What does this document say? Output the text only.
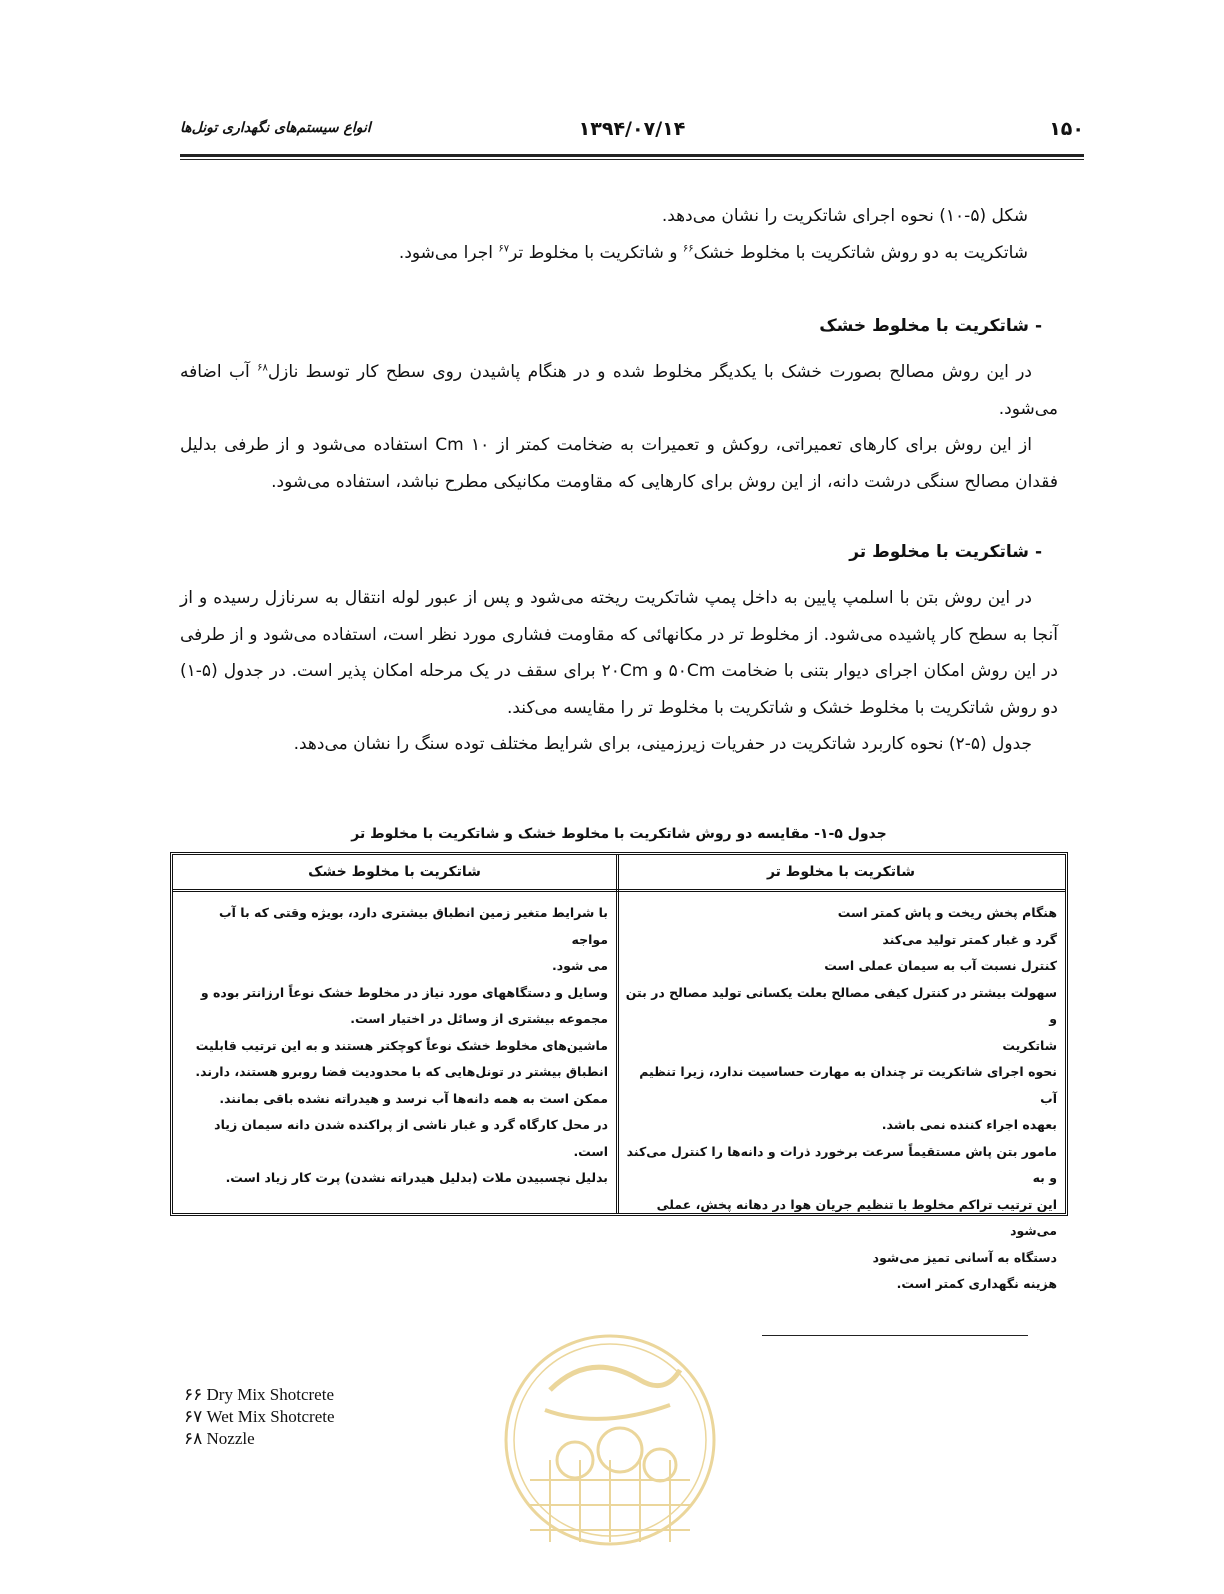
انواع سیستم‌های نگهداری تونل‌ها	۱۳۹۴/۰۷/۱۴	۱۵۰
شکل (۵-۱۰) نحوه اجرای شاتکریت را نشان می‌دهد.
شاتکریت به دو روش شاتکریت با مخلوط خشک$^{۶۶}$ و شاتکریت با مخلوط تر$^{۶۷}$ اجرا می‌شود.
- شاتکریت با مخلوط خشک

در این روش مصالح بصورت خشک با یکدیگر مخلوط شده و در هنگام پاشیدن روی سطح کار توسط نازل$^{۶۸}$ آب اضافه می‌شود.

از این روش برای کارهای تعمیراتی، روکش و تعمیرات به ضخامت کمتر از ۱۰ Cm استفاده می‌شود و از طرفی بدلیل فقدان مصالح سنگی درشت دانه، از این روش برای کارهایی که مقاومت مکانیکی مطرح نباشد، استفاده می‌شود.

- شاتکریت با مخلوط تر

در این روش بتن با اسلمپ پایین به داخل پمپ شاتکریت ریخته می‌شود و پس از عبور لوله انتقال به سرنازل رسیده و از آنجا به سطح کار پاشیده می‌شود. از مخلوط تر در مکانهائی که مقاومت فشاری مورد نظر است، استفاده می‌شود و از طرفی در این روش امکان اجرای دیوار بتنی با ضخامت ۵۰Cm و ۲۰Cm برای سقف در یک مرحله امکان پذیر است. در جدول (۵-۱) دو روش شاتکریت با مخلوط خشک و شاتکریت با مخلوط تر را مقایسه می‌کند.

جدول (۵-۲) نحوه کاربرد شاتکریت در حفریات زیرزمینی، برای شرایط مختلف توده سنگ را نشان می‌دهد.

جدول ۵-۱- مقایسه دو روش شاتکریت با مخلوط خشک و شاتکریت با مخلوط تر
شاتکریت با مخلوط تر
هنگام پخش ریخت و پاش کمتر است
گرد و غبار کمتر تولید می‌کند
کنترل نسبت آب به سیمان عملی است
سهولت بیشتر در کنترل کیفی مصالح بعلت یکسانی تولید مصالح در بتن و
شاتکریت
نحوه اجرای شاتکریت تر چندان به مهارت حساسیت ندارد، زیرا تنظیم آب
بعهده اجراء کننده نمی باشد.
مامور بتن پاش مستقیماً سرعت برخورد ذرات و دانه‌ها را کنترل می‌کند و به
این ترتیب تراکم مخلوط با تنظیم جریان هوا در دهانه پخش، عملی
می‌شود
دستگاه به آسانی تمیز می‌شود
هزینه نگهداری کمتر است.
شاتکریت با مخلوط خشک
با شرایط متغیر زمین انطباق بیشتری دارد، بویژه وقتی که با آب مواجه
می شود.
وسایل و دستگاههای مورد نیاز در مخلوط خشک نوعاً ارزانتر بوده و
مجموعه بیشتری از وسائل در اختیار است.
ماشین‌های مخلوط خشک نوعاً کوچکتر هستند و به این ترتیب قابلیت
انطباق بیشتر در تونل‌هایی که با محدودیت فضا روبرو هستند، دارند.
ممکن است به همه دانه‌ها آب نرسد و هیدراته نشده باقی بمانند.
در محل کارگاه گرد و غبار ناشی از پراکنده شدن دانه سیمان زیاد است.
بدلیل نچسبیدن ملات (بدلیل هیدراته نشدن) پرت کار زیاد است.
۶۶ Dry Mix Shotcrete
۶۷ Wet Mix Shotcrete
۶۸ Nozzle
